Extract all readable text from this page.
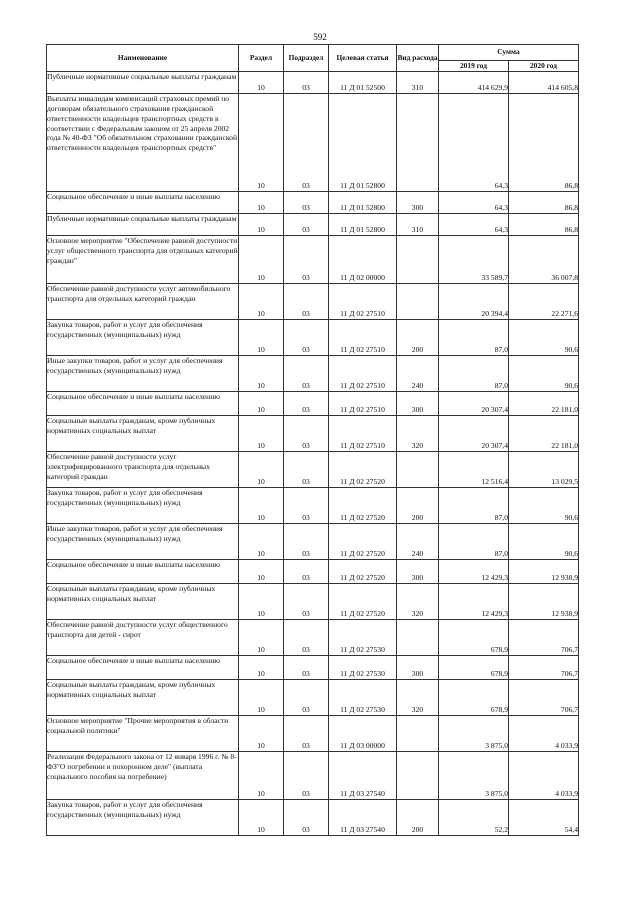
592
Наименование	Раздел	Подраздел	Целевая статья	Вид расхода	Сумма	
					2019 год	2020 год
Публичные нормативные социальные выплаты гражданам	10	03	11 Д 01 52500	310	414 629,9	414 605,8
Выплаты инвалидам компенсаций страховых премий по договорам обязательного страхования гражданской ответственности владельцев транспортных средств в соответствии с Федеральным законом от 25 апреля 2002 года № 40-ФЗ "Об обязательном страховании гражданской ответственности владельцев транспортных средств"	10	03	11 Д 01 52800		64,3	86,8
Социальное обеспечение и иные выплаты населению	10	03	11 Д 01 52800	300	64,3	86,8
Публичные нормативные социальные выплаты гражданам	10	03	11 Д 01 52800	310	64,3	86,8
Основное мероприятие "Обеспечение равной доступности услуг общественного транспорта для отдельных категорий граждан"	10	03	11 Д 02 00000		33 589,7	36 007,8
Обеспечение равной доступности услуг автомобильного транспорта для отдельных категорий граждан	10	03	11 Д 02 27510		20 394,4	22 271,6
Закупка товаров, работ и услуг для обеспечения государственных (муниципальных) нужд	10	03	11 Д 02 27510	200	87,0	90,6
Иные закупки товаров, работ и услуг для обеспечения государственных (муниципальных) нужд	10	03	11 Д 02 27510	240	87,0	90,6
Социальное обеспечение и иные выплаты населению	10	03	11 Д 02 27510	300	20 307,4	22 181,0
Социальные выплаты гражданам, кроме публичных нормативных социальных выплат	10	03	11 Д 02 27510	320	20 307,4	22 181,0
Обеспечение равной доступности услуг электрифицированного транспорта для отдельных категорий граждан	10	03	11 Д 02 27520		12 516,4	13 029,5
Закупка товаров, работ и услуг для обеспечения государственных (муниципальных) нужд	10	03	11 Д 02 27520	200	87,0	90,6
Иные закупки товаров, работ и услуг для обеспечения государственных (муниципальных) нужд	10	03	11 Д 02 27520	240	87,0	90,6
Социальное обеспечение и иные выплаты населению	10	03	11 Д 02 27520	300	12 429,3	12 938,9
Социальные выплаты гражданам, кроме публичных нормативных социальных выплат	10	03	11 Д 02 27520	320	12 429,3	12 938,9
Обеспечение равной доступности услуг общественного транспорта для детей - сирот	10	03	11 Д 02 27530		678,9	706,7
Социальное обеспечение и иные выплаты населению	10	03	11 Д 02 27530	300	678,9	706,7
Социальные выплаты гражданам, кроме публичных нормативных социальных выплат	10	03	11 Д 02 27530	320	678,9	706,7
Основное мероприятие "Прочие мероприятия в области социальной политики"	10	03	11 Д 03 00000		3 875,0	4 033,9
Реализация Федерального закона от 12 января 1996 г. № 8-ФЗ"О погребении и похоронном деле" (выплата социального пособия на погребение)	10	03	11 Д 03 27540		3 875,0	4 033,9
Закупка товаров, работ и услуг для обеспечения государственных (муниципальных) нужд	10	03	11 Д 03 27540	200	52,2	54,4
